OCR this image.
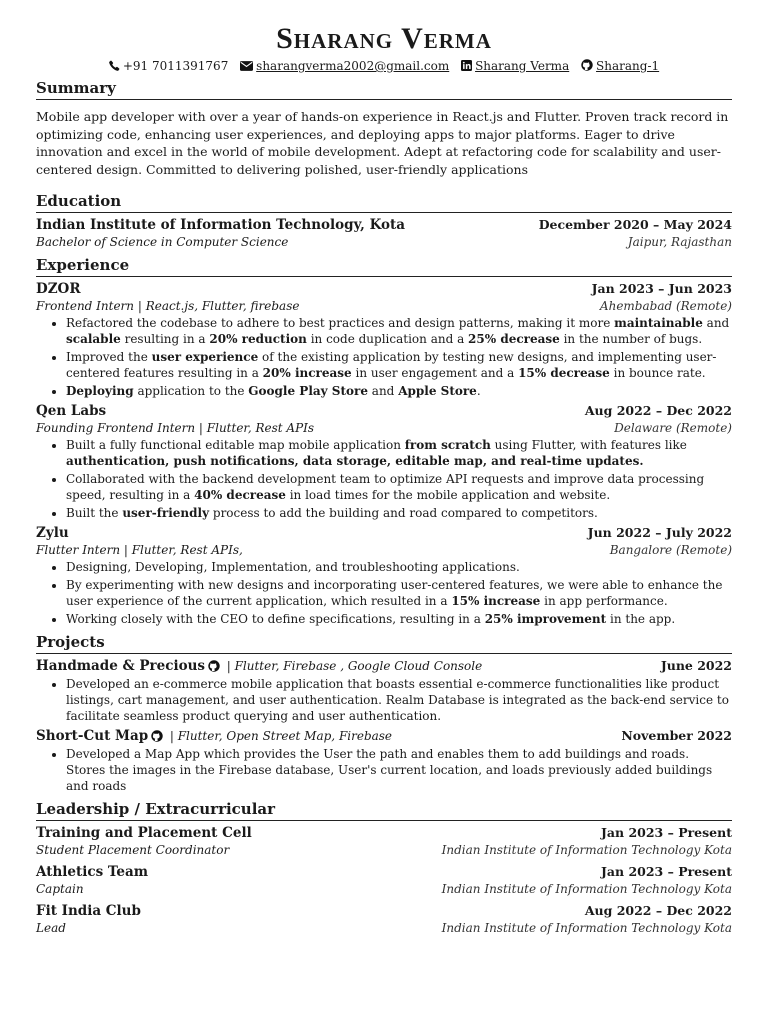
Sharang Verma
+91 7011391767 sharangverma2002@gmail.com Sharang Verma Sharang-1
Summary

Mobile app developer with over a year of hands-on experience in React.js and Flutter. Proven track record in optimizing code, enhancing user experiences, and deploying apps to major platforms. Eager to drive innovation and excel in the world of mobile development. Adept at refactoring code for scalability and user-centered design. Committed to delivering polished, user-friendly applications

Education
Indian Institute of Information Technology, Kota	December 2020 – May 2024
Bachelor of Science in Computer Science	Jaipur, Rajasthan
Experience
DZOR	Jan 2023 – Jun 2023
Frontend Intern | React.js, Flutter, firebase	Ahembabad (Remote)
• Refactored the codebase to adhere to best practices and design patterns, making it more maintainable and scalable resulting in a 20% reduction in code duplication and a 25% decrease in the number of bugs.
• Improved the user experience of the existing application by testing new designs, and implementing user-centered features resulting in a 20% increase in user engagement and a 15% decrease in bounce rate.
• Deploying application to the Google Play Store and Apple Store.
Qen Labs	Aug 2022 – Dec 2022
Founding Frontend Intern | Flutter, Rest APIs	Delaware (Remote)
• Built a fully functional editable map mobile application from scratch using Flutter, with features like authentication, push notifications, data storage, editable map, and real-time updates.
• Collaborated with the backend development team to optimize API requests and improve data processing speed, resulting in a 40% decrease in load times for the mobile application and website.
• Built the user-friendly process to add the building and road compared to competitors.
Zylu	Jun 2022 – July 2022
Flutter Intern | Flutter, Rest APIs,	Bangalore (Remote)
• Designing, Developing, Implementation, and troubleshooting applications.
• By experimenting with new designs and incorporating user-centered features, we were able to enhance the user experience of the current application, which resulted in a 15% increase in app performance.
• Working closely with the CEO to define specifications, resulting in a 25% improvement in the app.
Projects
Handmade & Precious | Flutter, Firebase , Google Cloud Console	June 2022
• Developed an e-commerce mobile application that boasts essential e-commerce functionalities like product listings, cart management, and user authentication. Realm Database is integrated as the back-end service to facilitate seamless product querying and user authentication.
Short-Cut Map | Flutter, Open Street Map, Firebase	November 2022
• Developed a Map App which provides the User the path and enables them to add buildings and roads. Stores the images in the Firebase database, User's current location, and loads previously added buildings and roads
Leadership / Extracurricular
Training and Placement Cell	Jan 2023 – Present
Student Placement Coordinator	Indian Institute of Information Technology Kota
Athletics Team	Jan 2023 – Present
Captain	Indian Institute of Information Technology Kota
Fit India Club	Aug 2022 – Dec 2022
Lead	Indian Institute of Information Technology Kota
